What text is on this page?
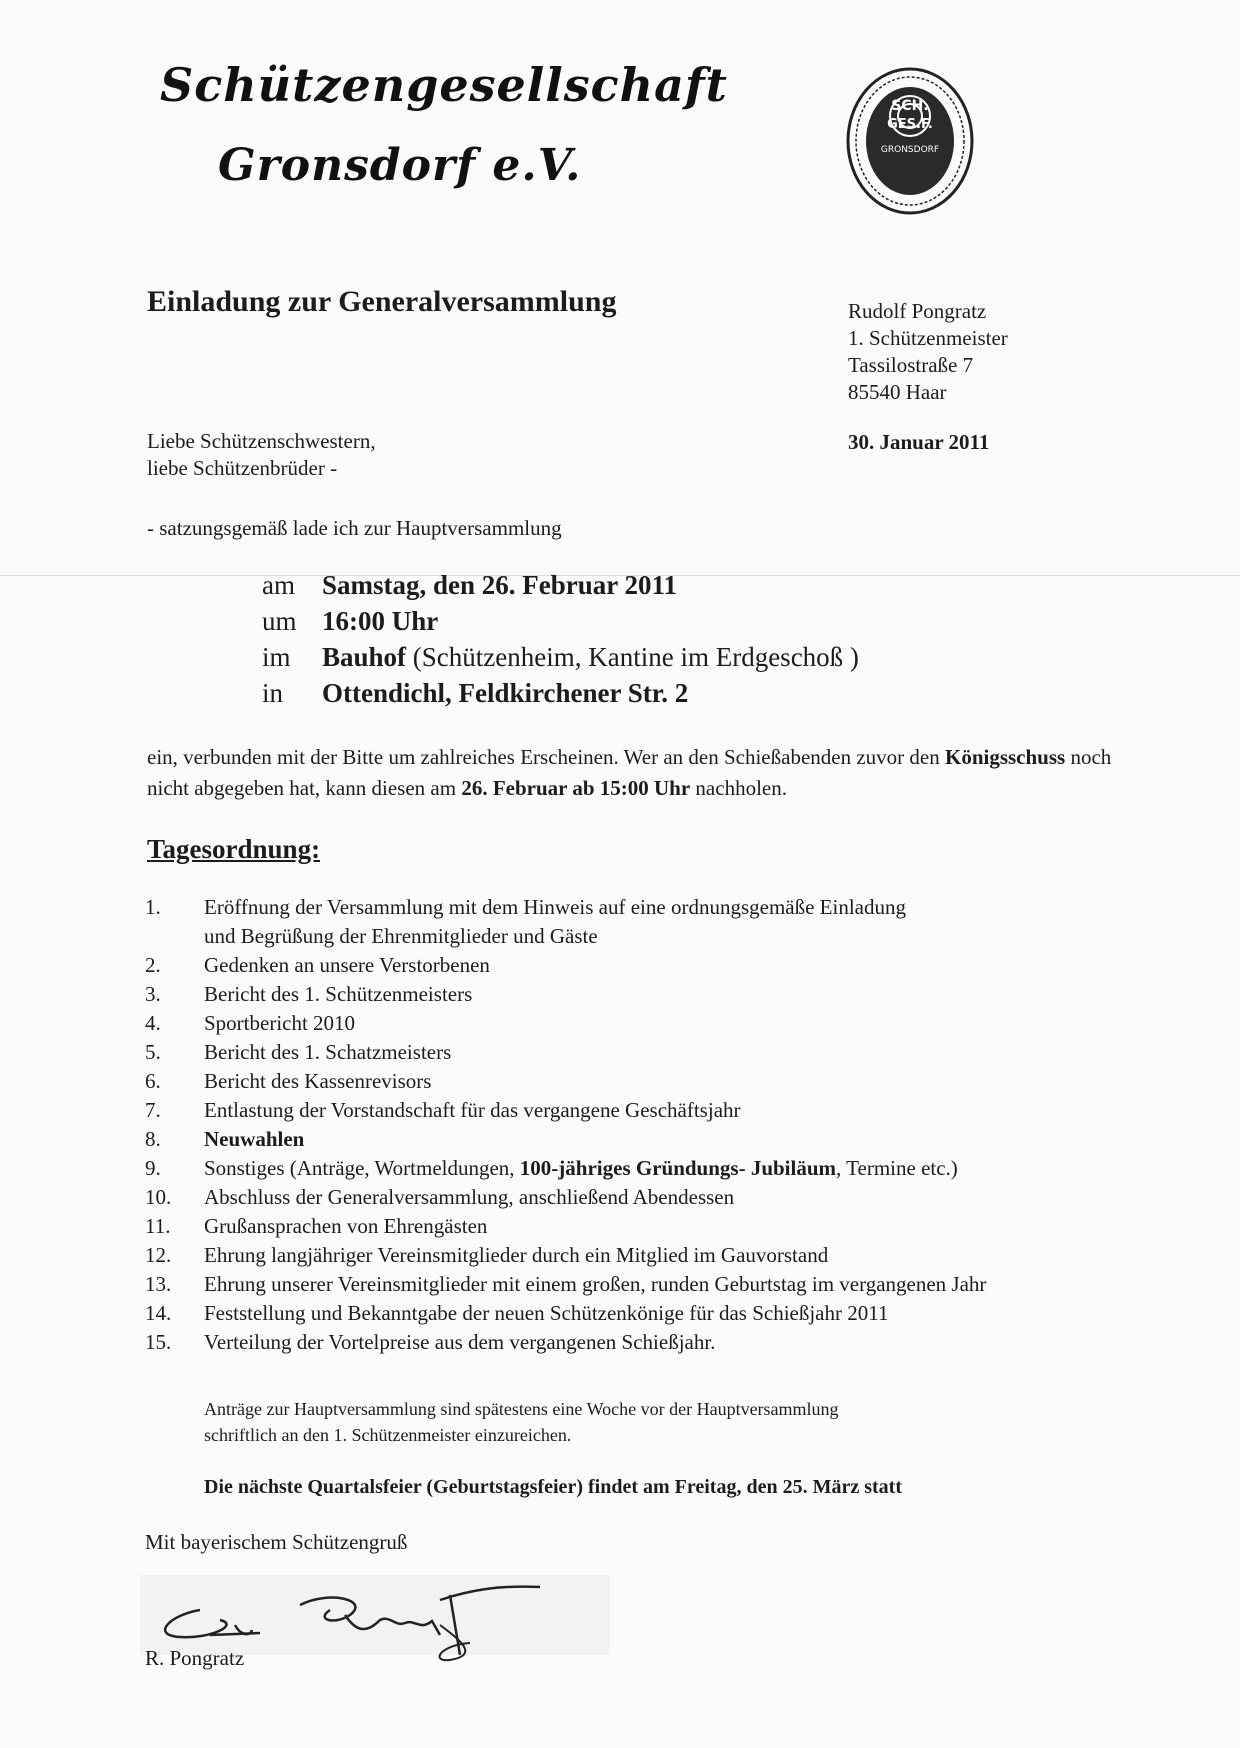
Schützengesellschaft
Gronsdorf e.V.
SCH.
GES.F.
GRONSDORF
Einladung zur Generalversammlung	Rudolf Pongratz
1. Schützenmeister
Tassilostraße 7
85540 Haar
30. Januar 2011
Liebe Schützenschwestern,
liebe Schützenbrüder -
- satzungsgemäß lade ich zur Hauptversammlung
am	Samstag, den 26. Februar 2011
um 16:00 Uhr
im	Bauhof (Schützenheim, Kantine im Erdgeschoß )
in	Ottendichl, Feldkirchener Str. 2
ein, verbunden mit der Bitte um zahlreiches Erscheinen. Wer an den Schießabenden zuvor den Königsschuss noch nicht abgegeben hat, kann diesen am 26. Februar ab 15:00 Uhr nachholen.
Tagesordnung:
1.	Eröffnung der Versammlung mit dem Hinweis auf eine ordnungsgemäße Einladung
und Begrüßung der Ehrenmitglieder und Gäste
2.	Gedenken an unsere Verstorbenen
3.	Bericht des 1. Schützenmeisters
4.	Sportbericht 2010
5.	Bericht des 1. Schatzmeisters
6.	Bericht des Kassenrevisors
7.	Entlastung der Vorstandschaft für das vergangene Geschäftsjahr
8.	Neuwahlen
9.	Sonstiges (Anträge, Wortmeldungen, 100-jähriges Gründungs- Jubiläum, Termine etc.)
10.	Abschluss der Generalversammlung, anschließend Abendessen
11.	Grußansprachen von Ehrengästen
12.	Ehrung langjähriger Vereinsmitglieder durch ein Mitglied im Gauvorstand
13.	Ehrung unserer Vereinsmitglieder mit einem großen, runden Geburtstag im vergangenen Jahr
14.	Feststellung und Bekanntgabe der neuen Schützenkönige für das Schießjahr 2011
15.	Verteilung der Vortelpreise aus dem vergangenen Schießjahr.
Anträge zur Hauptversammlung sind spätestens eine Woche vor der Hauptversammlung
schriftlich an den 1. Schützenmeister einzureichen.
Die nächste Quartalsfeier (Geburtstagsfeier) findet am Freitag, den 25. März statt
Mit bayerischem Schützengruß
R. Pongratz
